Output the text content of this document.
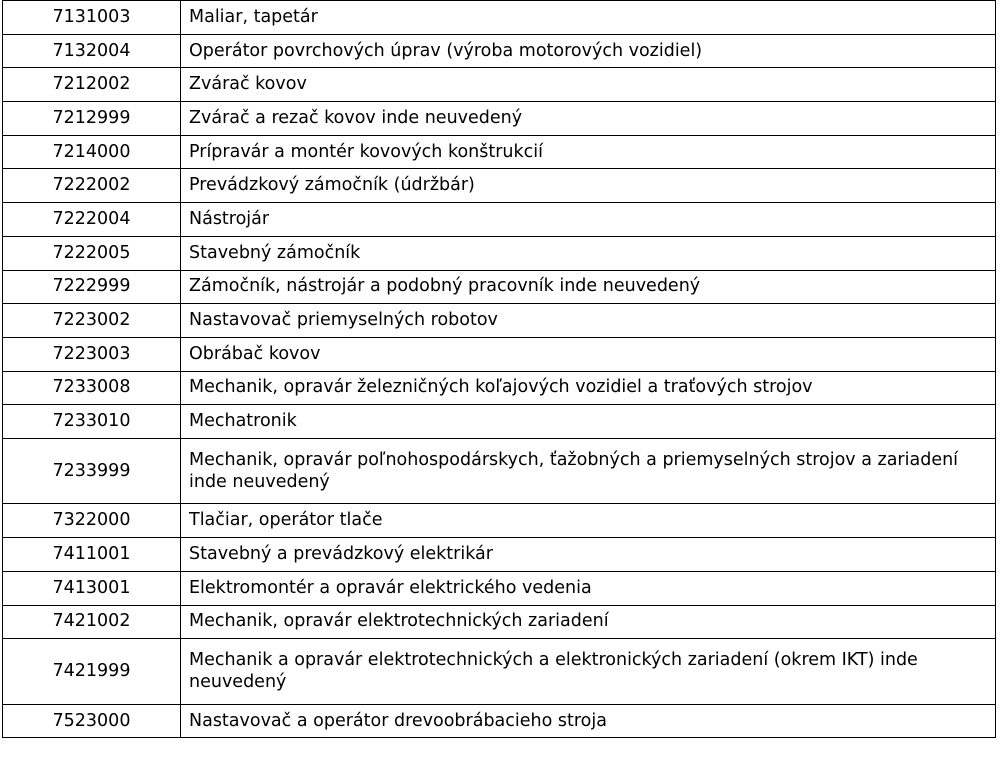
7131003	Maliar, tapetár
7132004	Operátor povrchových úprav (výroba motorových vozidiel)
7212002	Zvárač kovov
7212999	Zvárač a rezač kovov inde neuvedený
7214000	Prípravár a montér kovových konštrukcií
7222002	Prevádzkový zámočník (údržbár)
7222004	Nástrojár
7222005	Stavebný zámočník
7222999	Zámočník, nástrojár a podobný pracovník inde neuvedený
7223002	Nastavovač priemyselných robotov
7223003	Obrábač kovov
7233008	Mechanik, opravár železničných koľajových vozidiel a traťových strojov
7233010	Mechatronik
7233999	Mechanik, opravár poľnohospodárskych, ťažobných a priemyselných strojov a zariadení inde neuvedený
7322000	Tlačiar, operátor tlače
7411001	Stavebný a prevádzkový elektrikár
7413001	Elektromontér a opravár elektrického vedenia
7421002	Mechanik, opravár elektrotechnických zariadení
7421999	Mechanik a opravár elektrotechnických a elektronických zariadení (okrem IKT) inde neuvedený
7523000	Nastavovač a operátor drevoobrábacieho stroja
